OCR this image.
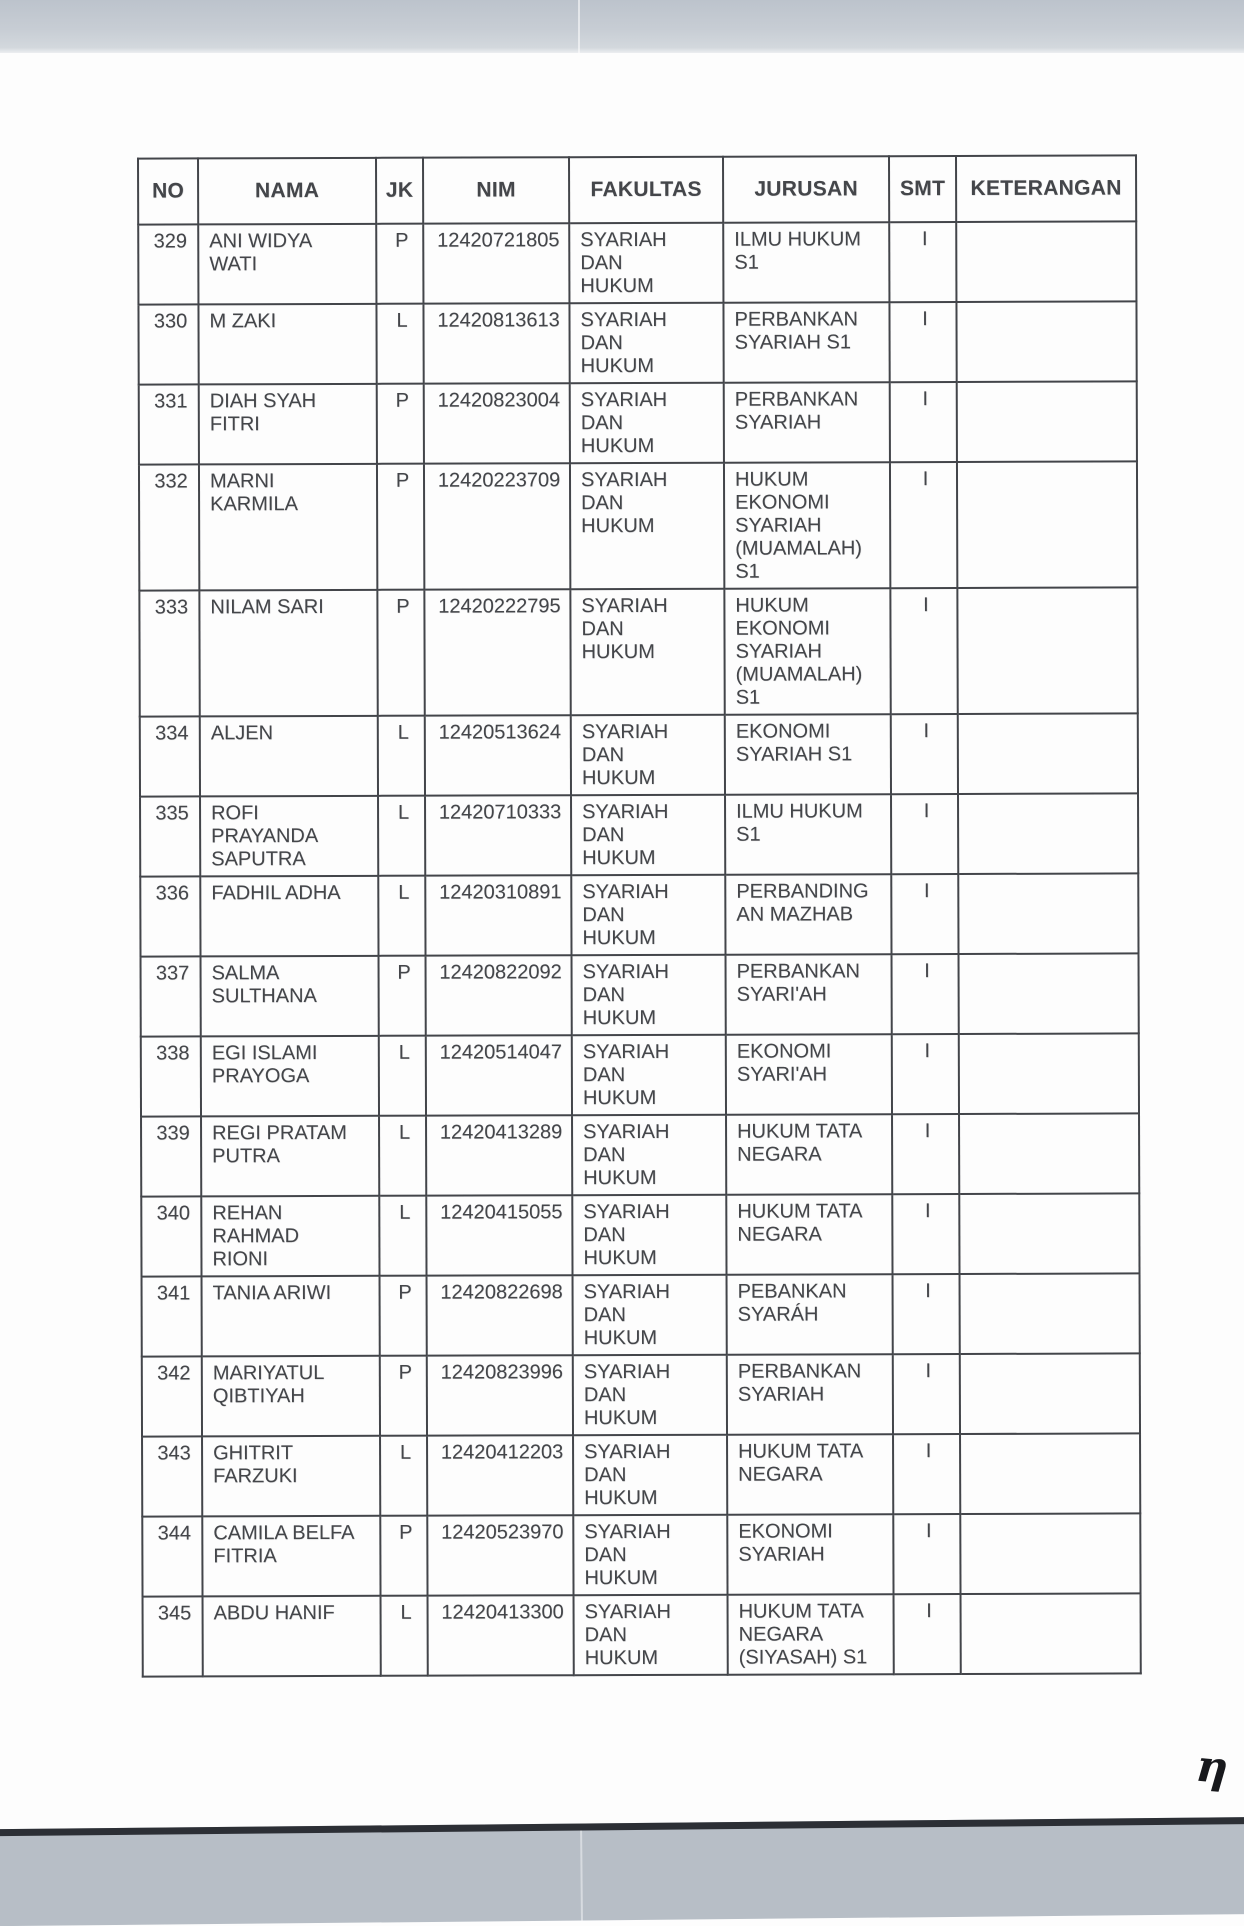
NO	NAMA	JK	NIM	FAKULTAS	JURUSAN	SMT	KETERANGAN
329	ANI WIDYA
WATI	P	12420721805	SYARIAH
DAN
HUKUM	ILMU HUKUM
S1	I	
330	M ZAKI	L	12420813613	SYARIAH
DAN
HUKUM	PERBANKAN
SYARIAH S1	I	
331	DIAH SYAH
FITRI	P	12420823004	SYARIAH
DAN
HUKUM	PERBANKAN
SYARIAH	I	
332	MARNI
KARMILA	P	12420223709	SYARIAH
DAN
HUKUM	HUKUM
EKONOMI
SYARIAH
(MUAMALAH)
S1	I	
333	NILAM SARI	P	12420222795	SYARIAH
DAN
HUKUM	HUKUM
EKONOMI
SYARIAH
(MUAMALAH)
S1	I	
334	ALJEN	L	12420513624	SYARIAH
DAN
HUKUM	EKONOMI
SYARIAH S1	I	
335	ROFI
PRAYANDA
SAPUTRA	L	12420710333	SYARIAH
DAN
HUKUM	ILMU HUKUM
S1	I	
336	FADHIL ADHA	L	12420310891	SYARIAH
DAN
HUKUM	PERBANDING
AN MAZHAB	I	
337	SALMA
SULTHANA	P	12420822092	SYARIAH
DAN
HUKUM	PERBANKAN
SYARI'AH	I	
338	EGI ISLAMI
PRAYOGA	L	12420514047	SYARIAH
DAN
HUKUM	EKONOMI
SYARI'AH	I	
339	REGI PRATAM
PUTRA	L	12420413289	SYARIAH
DAN
HUKUM	HUKUM TATA
NEGARA	I	
340	REHAN
RAHMAD
RIONI	L	12420415055	SYARIAH
DAN
HUKUM	HUKUM TATA
NEGARA	I	
341	TANIA ARIWI	P	12420822698	SYARIAH
DAN
HUKUM	PEBANKAN
SYARÁH	I	
342	MARIYATUL
QIBTIYAH	P	12420823996	SYARIAH
DAN
HUKUM	PERBANKAN
SYARIAH	I	
343	GHITRIT
FARZUKI	L	12420412203	SYARIAH
DAN
HUKUM	HUKUM TATA
NEGARA	I	
344	CAMILA BELFA
FITRIA	P	12420523970	SYARIAH
DAN
HUKUM	EKONOMI
SYARIAH	I	
345	ABDU HANIF	L	12420413300	SYARIAH
DAN
HUKUM	HUKUM TATA
NEGARA
(SIYASAH) S1	I	
η
